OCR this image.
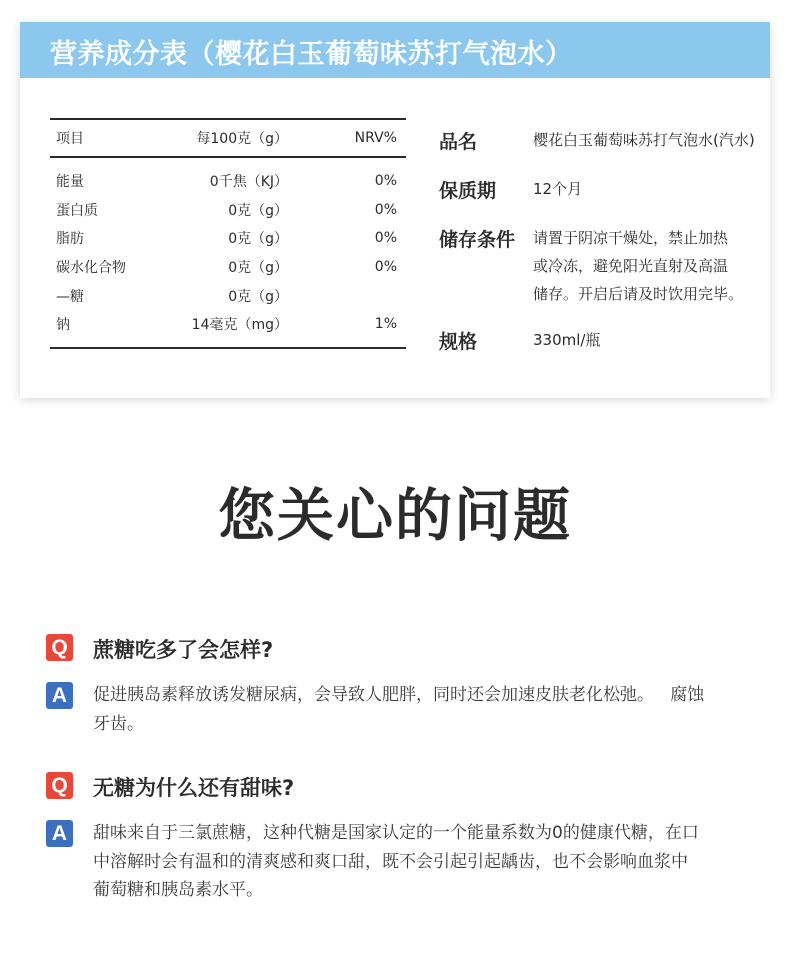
营养成分表（樱花白玉葡萄味苏打气泡水）
项目	每100克（g）	NRV%
能量	0千焦（KJ）	0%
蛋白质	0克（g）	0%
脂肪	0克（g）	0%
碳水化合物	0克（g）	0%
—糖	0克（g）
钠	14毫克（mg）	1%
品名	樱花白玉葡萄味苏打气泡水(汽水)
保质期 12个月
储存条件 请置于阴凉干燥处，禁止加热
或冷冻，避免阳光直射及高温
储存。开启后请及时饮用完毕。
规格	330ml/瓶
您关心的问题
Q 蔗糖吃多了会怎样?
A	促进胰岛素释放诱发糖尿病，会导致人肥胖，同时还会加速皮肤老化松弛。   腐蚀
牙齿。
Q 无糖为什么还有甜味?
A	甜味来自于三氯蔗糖，这种代糖是国家认定的一个能量系数为0的健康代糖，在口
中溶解时会有温和的清爽感和爽口甜，既不会引起引起龋齿，也不会影响血浆中
葡萄糖和胰岛素水平。
